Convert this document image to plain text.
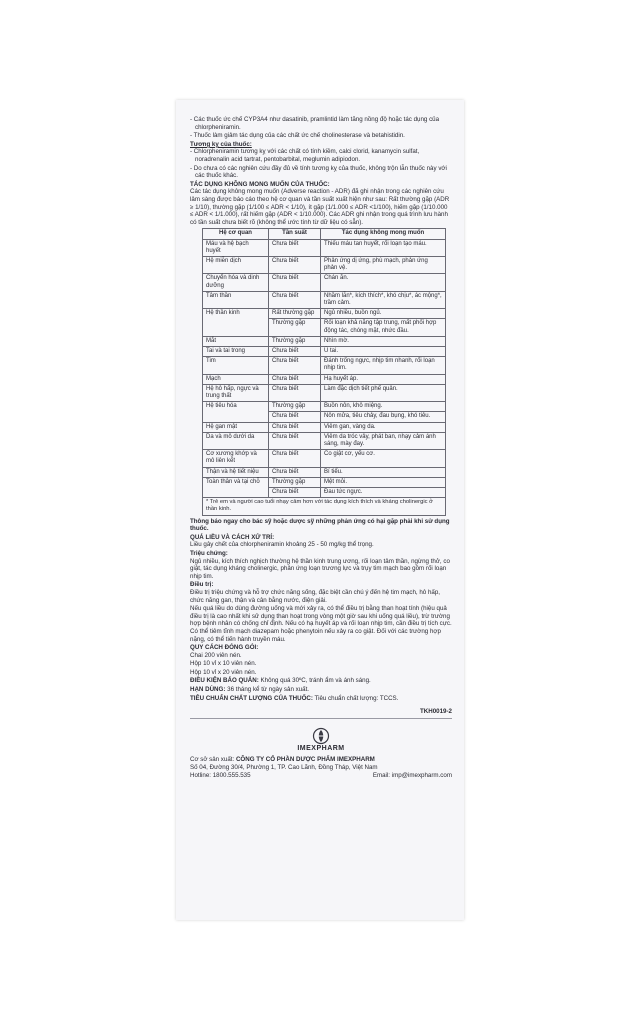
- Các thuốc ức chế CYP3A4 như dasatinib, pramlintid làm tăng nồng độ hoặc tác dụng của chlorpheniramin.
- Thuốc làm giảm tác dụng của các chất ức chế cholinesterase và betahistidin.
Tương kỵ của thuốc:
- Chlorpheniramin tương kỵ với các chất có tính kiềm, calci clorid, kanamycin sulfat, noradrenalin acid tartrat, pentobarbital, meglumin adipiodon.
- Do chưa có các nghiên cứu đầy đủ về tính tương kỵ của thuốc, không trộn lẫn thuốc này với các thuốc khác.
TÁC DỤNG KHÔNG MONG MUỐN CỦA THUỐC:
Các tác dụng không mong muốn (Adverse reaction - ADR) đã ghi nhận trong các nghiên cứu lâm sàng được báo cáo theo hệ cơ quan và tần suất xuất hiện như sau: Rất thường gặp (ADR ≥ 1/10), thường gặp (1/100 ≤ ADR < 1/10), ít gặp (1/1.000 ≤ ADR <1/100), hiếm gặp (1/10.000 ≤ ADR < 1/1.000), rất hiếm gặp (ADR < 1/10.000). Các ADR ghi nhận trong quá trình lưu hành có tần suất chưa biết rõ (không thể ước tính từ dữ liệu có sẵn).
Hệ cơ quan	Tần suất	Tác dụng không mong muốn
Máu và hệ bạch huyết	Chưa biết	Thiếu máu tan huyết, rối loạn tạo máu.
Hệ miễn dịch	Chưa biết	Phản ứng dị ứng, phù mạch, phản ứng phản vệ.
Chuyển hóa và dinh dưỡng	Chưa biết	Chán ăn.
Tâm thần	Chưa biết	Nhầm lẫn*, kích thích*, khó chịu*, ác mộng*, trầm cảm.
Hệ thần kinh	Rất thường gặp	Ngủ nhiều, buồn ngủ.
	Thường gặp	Rối loạn khả năng tập trung, mất phối hợp động tác, chóng mặt, nhức đầu.
Mắt	Thường gặp	Nhìn mờ.
Tai và tai trong	Chưa biết	Ù tai.
Tim	Chưa biết	Đánh trống ngực, nhịp tim nhanh, rối loạn nhịp tim.
Mạch	Chưa biết	Hạ huyết áp.
Hệ hô hấp, ngực và trung thất	Chưa biết	Làm đặc dịch tiết phế quản.
Hệ tiêu hóa	Thường gặp	Buồn nôn, khô miệng.
	Chưa biết	Nôn mửa, tiêu chảy, đau bụng, khó tiêu.
Hệ gan mật	Chưa biết	Viêm gan, vàng da.
Da và mô dưới da	Chưa biết	Viêm da tróc vảy, phát ban, nhạy cảm ánh sáng, mày đay.
Cơ xương khớp và mô liên kết	Chưa biết	Co giật cơ, yếu cơ.
Thận và hệ tiết niệu	Chưa biết	Bí tiểu.
Toàn thân và tại chỗ	Thường gặp	Mệt mỏi.
	Chưa biết	Đau tức ngực.
* Trẻ em và người cao tuổi nhạy cảm hơn với tác dụng kích thích và kháng cholinergic ở thần kinh.		
Thông báo ngay cho bác sỹ hoặc dược sỹ những phản ứng có hại gặp phải khi sử dụng thuốc.
QUÁ LIỀU VÀ CÁCH XỬ TRÍ:
Liều gây chết của chlorpheniramin khoảng 25 - 50 mg/kg thể trọng.
Triệu chứng:
Ngủ nhiều, kích thích nghịch thường hệ thần kinh trung ương, rối loạn tâm thần, ngừng thở, co giật, tác dụng kháng cholinergic, phản ứng loạn trương lực và trụy tim mạch bao gồm rối loạn nhịp tim.
Điều trị:
Điều trị triệu chứng và hỗ trợ chức năng sống, đặc biệt cần chú ý đến hệ tim mạch, hô hấp, chức năng gan, thận và cân bằng nước, điện giải.
Nếu quá liều do dùng đường uống và mới xảy ra, có thể điều trị bằng than hoạt tính (hiệu quả điều trị là cao nhất khi sử dụng than hoạt trong vòng một giờ sau khi uống quá liều), trừ trường hợp bệnh nhân có chống chỉ định. Nếu có hạ huyết áp và rối loạn nhịp tim, cần điều trị tích cực. Có thể tiêm tĩnh mạch diazepam hoặc phenytoin nếu xảy ra co giật. Đối với các trường hợp nặng, có thể tiến hành truyền máu.
QUY CÁCH ĐÓNG GÓI:
Chai 200 viên nén.
Hộp 10 vỉ x 10 viên nén.
Hộp 10 vỉ x 20 viên nén.
ĐIỀU KIỆN BẢO QUẢN: Không quá 30ºC, tránh ẩm và ánh sáng.
HẠN DÙNG: 36 tháng kể từ ngày sản xuất.
TIÊU CHUẨN CHẤT LƯỢNG CỦA THUỐC: Tiêu chuẩn chất lượng: TCCS.
TKH0019-2
IMEXPHARM
Cơ sở sản xuất: CÔNG TY CỔ PHẦN DƯỢC PHẨM IMEXPHARM
Số 04, Đường 30/4, Phường 1, TP. Cao Lãnh, Đồng Tháp, Việt Nam
Hotline: 1800.555.535	Email: imp@imexpharm.com
